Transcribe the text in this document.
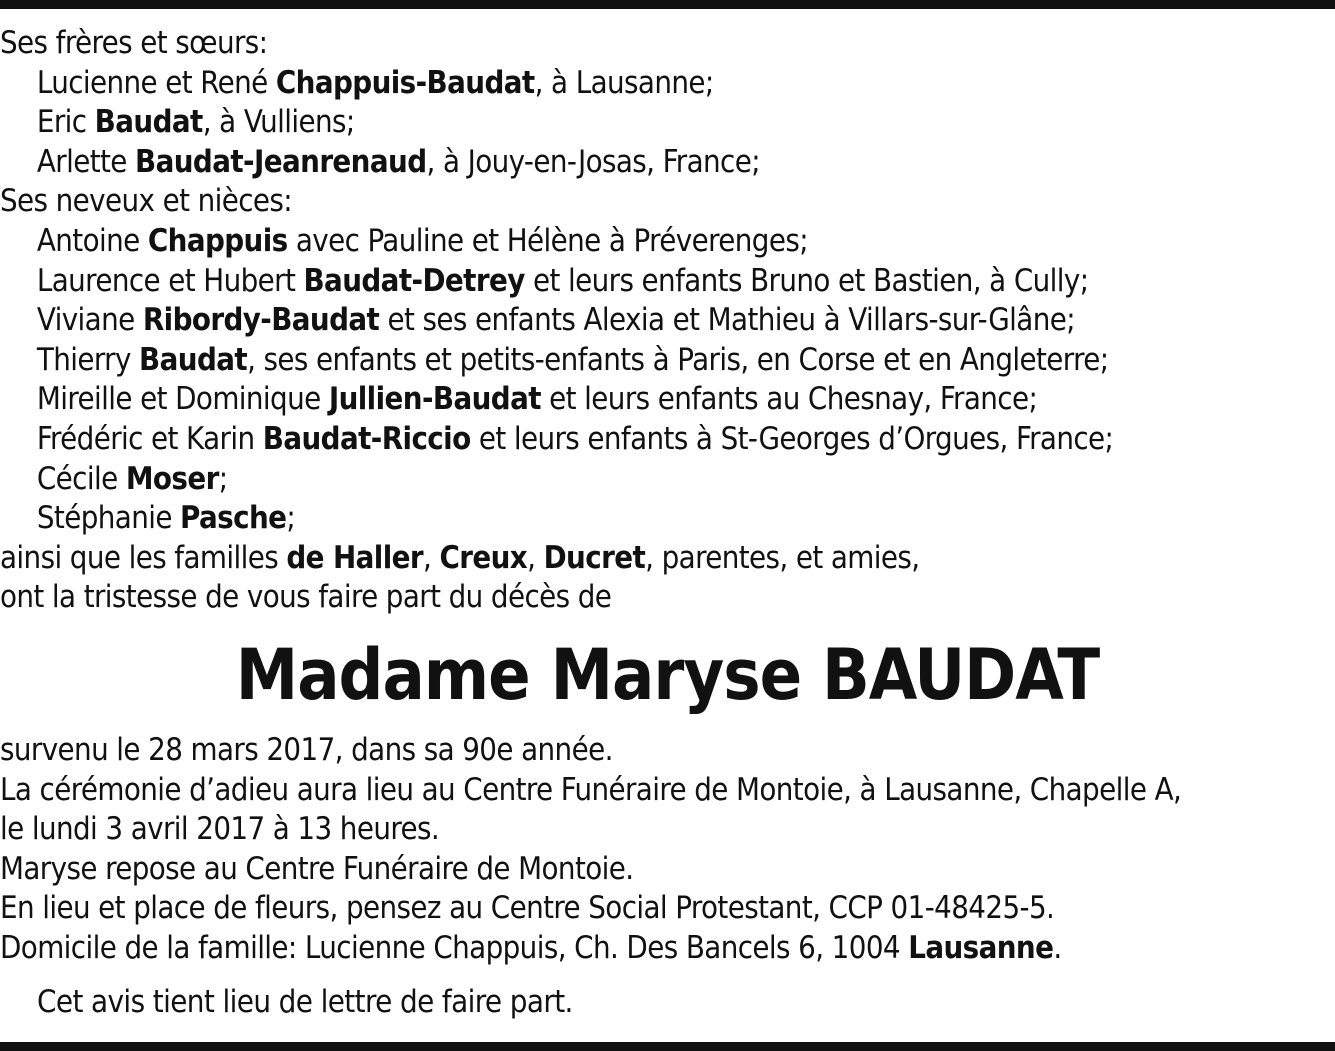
Ses frères et sœurs:
Lucienne et René Chappuis-Baudat, à Lausanne;
Eric Baudat, à Vulliens;
Arlette Baudat-Jeanrenaud, à Jouy-en-Josas, France;
Ses neveux et nièces:
Antoine Chappuis avec Pauline et Hélène à Préverenges;
Laurence et Hubert Baudat-Detrey et leurs enfants Bruno et Bastien, à Cully;
Viviane Ribordy-Baudat et ses enfants Alexia et Mathieu à Villars-sur-Glâne;
Thierry Baudat, ses enfants et petits-enfants à Paris, en Corse et en Angleterre;
Mireille et Dominique Jullien-Baudat et leurs enfants au Chesnay, France;
Frédéric et Karin Baudat-Riccio et leurs enfants à St-Georges d’Orgues, France;
Cécile Moser;
Stéphanie Pasche;
ainsi que les familles de Haller, Creux, Ducret, parentes, et amies,
ont la tristesse de vous faire part du décès de
Madame Maryse BAUDAT
survenu le 28 mars 2017, dans sa 90e année.
La cérémonie d’adieu aura lieu au Centre Funéraire de Montoie, à Lausanne, Chapelle A,
le lundi 3 avril 2017 à 13 heures.
Maryse repose au Centre Funéraire de Montoie.
En lieu et place de fleurs, pensez au Centre Social Protestant, CCP 01-48425-5.
Domicile de la famille: Lucienne Chappuis, Ch. Des Bancels 6, 1004 Lausanne.
Cet avis tient lieu de lettre de faire part.
